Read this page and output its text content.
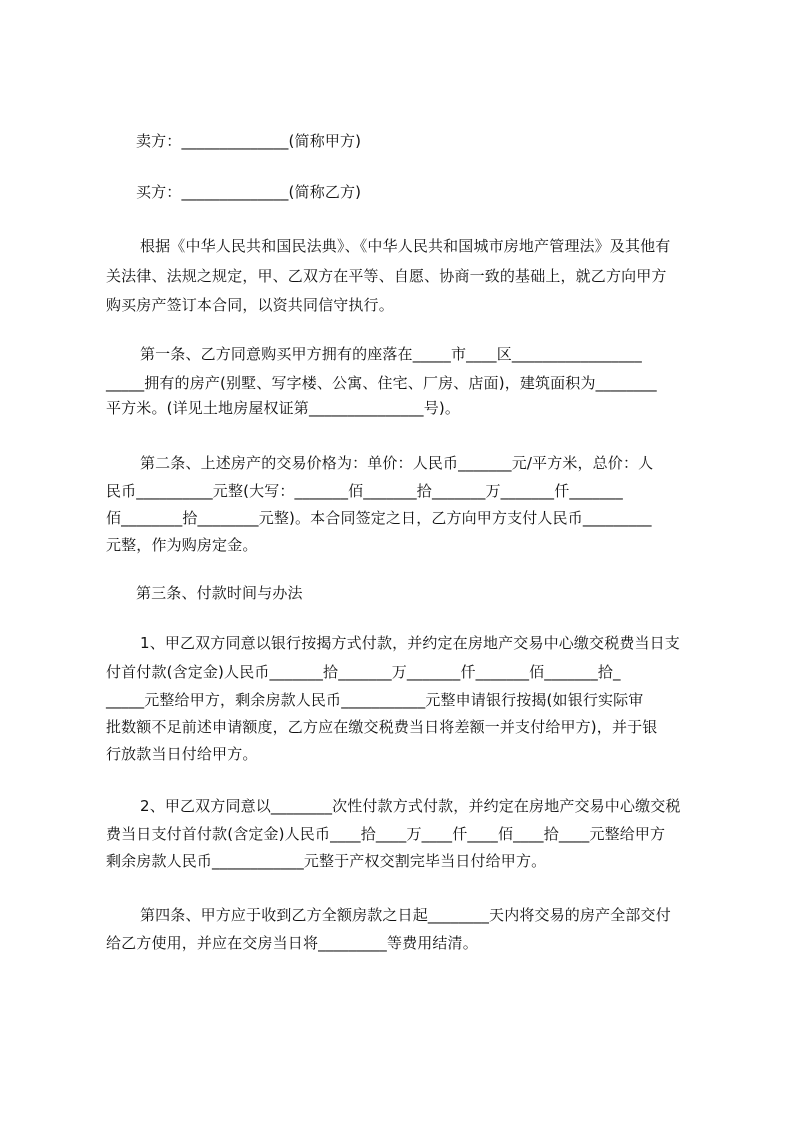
卖方：______________(简称甲方)
买方：______________(简称乙方)
根据《中华人民共和国民法典》、《中华人民共和国城市房地产管理法》及其他有
关法律、法规之规定，甲、乙双方在平等、自愿、协商一致的基础上，就乙方向甲方
购买房产签订本合同，以资共同信守执行。
第一条、乙方同意购买甲方拥有的座落在_____市____区_________________
_____拥有的房产(别墅、写字楼、公寓、住宅、厂房、店面)，建筑面积为________
平方米。(详见土地房屋权证第_______________号)。
第二条、上述房产的交易价格为：单价：人民币_______元/平方米，总价：人
民币__________元整(大写：_______佰_______拾_______万_______仟_______
佰________拾________元整)。本合同签定之日，乙方向甲方支付人民币_________
元整，作为购房定金。
第三条、付款时间与办法
1、甲乙双方同意以银行按揭方式付款，并约定在房地产交易中心缴交税费当日支
付首付款(含定金)人民币_______拾_______万_______仟_______佰_______拾_
_____元整给甲方，剩余房款人民币___________元整申请银行按揭(如银行实际审
批数额不足前述申请额度，乙方应在缴交税费当日将差额一并支付给甲方)，并于银
行放款当日付给甲方。
2、甲乙双方同意以________次性付款方式付款，并约定在房地产交易中心缴交税
费当日支付首付款(含定金)人民币____拾____万____仟____佰____拾____元整给甲方
剩余房款人民币____________元整于产权交割完毕当日付给甲方。
第四条、甲方应于收到乙方全额房款之日起________天内将交易的房产全部交付
给乙方使用，并应在交房当日将_________等费用结清。
